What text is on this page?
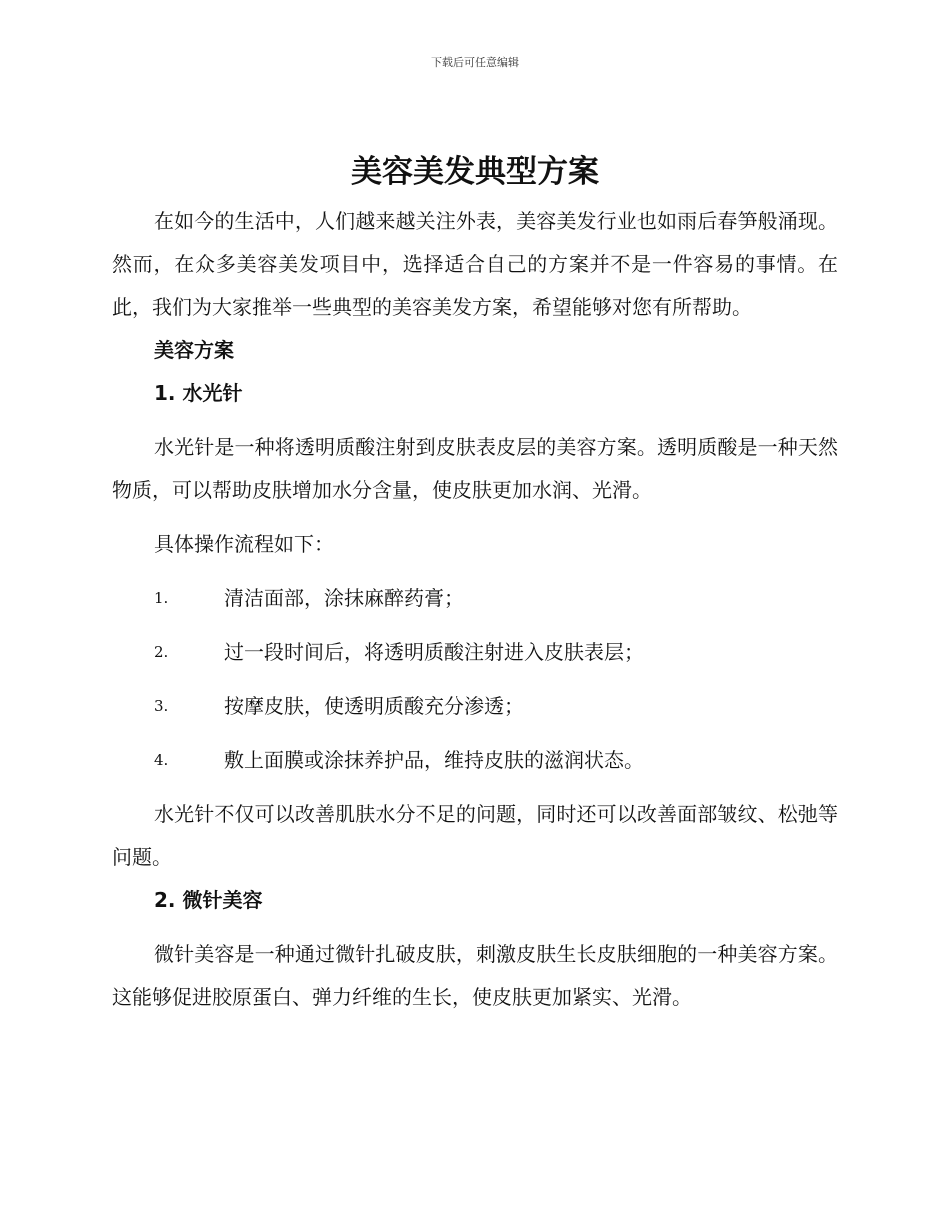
下载后可任意编辑
美容美发典型方案

在如今的生活中，人们越来越关注外表，美容美发行业也如雨后春笋般涌现。然而，在众多美容美发项目中，选择适合自己的方案并不是一件容易的事情。在此，我们为大家推举一些典型的美容美发方案，希望能够对您有所帮助。

美容方案

1. 水光针

水光针是一种将透明质酸注射到皮肤表皮层的美容方案。透明质酸是一种天然物质，可以帮助皮肤增加水分含量，使皮肤更加水润、光滑。

具体操作流程如下：

1.	清洁面部，涂抹麻醉药膏；
2.	过一段时间后，将透明质酸注射进入皮肤表层；
3.	按摩皮肤，使透明质酸充分渗透；
4.	敷上面膜或涂抹养护品，维持皮肤的滋润状态。

水光针不仅可以改善肌肤水分不足的问题，同时还可以改善面部皱纹、松弛等问题。

2. 微针美容

微针美容是一种通过微针扎破皮肤，刺激皮肤生长皮肤细胞的一种美容方案。这能够促进胶原蛋白、弹力纤维的生长，使皮肤更加紧实、光滑。
